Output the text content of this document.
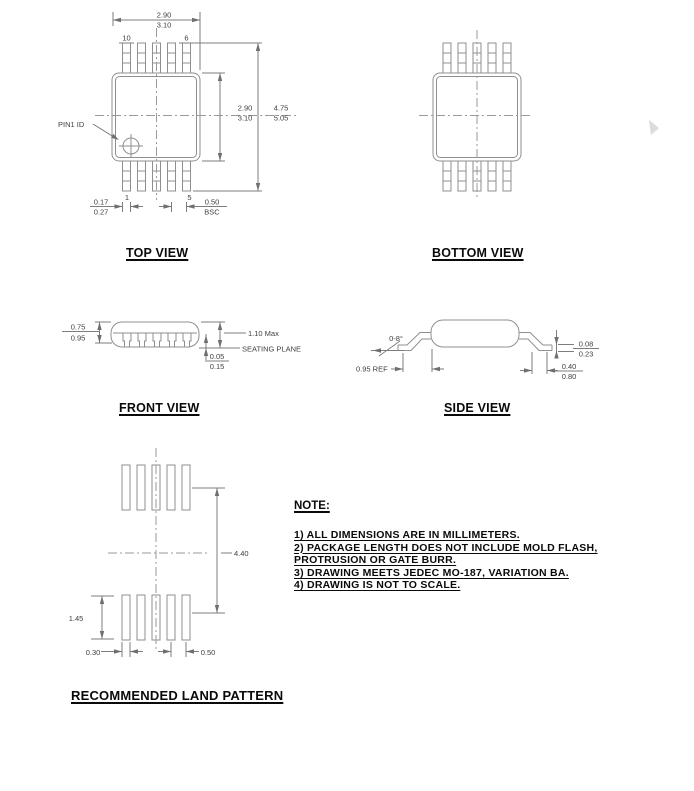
PIN1 ID
10	6
1	5
2.90
3.10
2.90
3.10
4.75
5.05
0.17
0.27
0.50
BSC
0.75
0.95	1.10 Max
SEATING PLANE
0.05
0.15
0-8°
0.95 REF	0.40
0.80
0.08
0.23
4.40
1.45
0.30	0.50
TOP VIEW	BOTTOM VIEW
FRONT VIEW	SIDE VIEW
RECOMMENDED LAND PATTERN
NOTE:
1) ALL DIMENSIONS ARE IN MILLIMETERS.
2) PACKAGE LENGTH DOES NOT INCLUDE MOLD FLASH,
PROTRUSION OR GATE BURR.
3) DRAWING MEETS JEDEC MO-187, VARIATION BA.
4) DRAWING IS NOT TO SCALE.
